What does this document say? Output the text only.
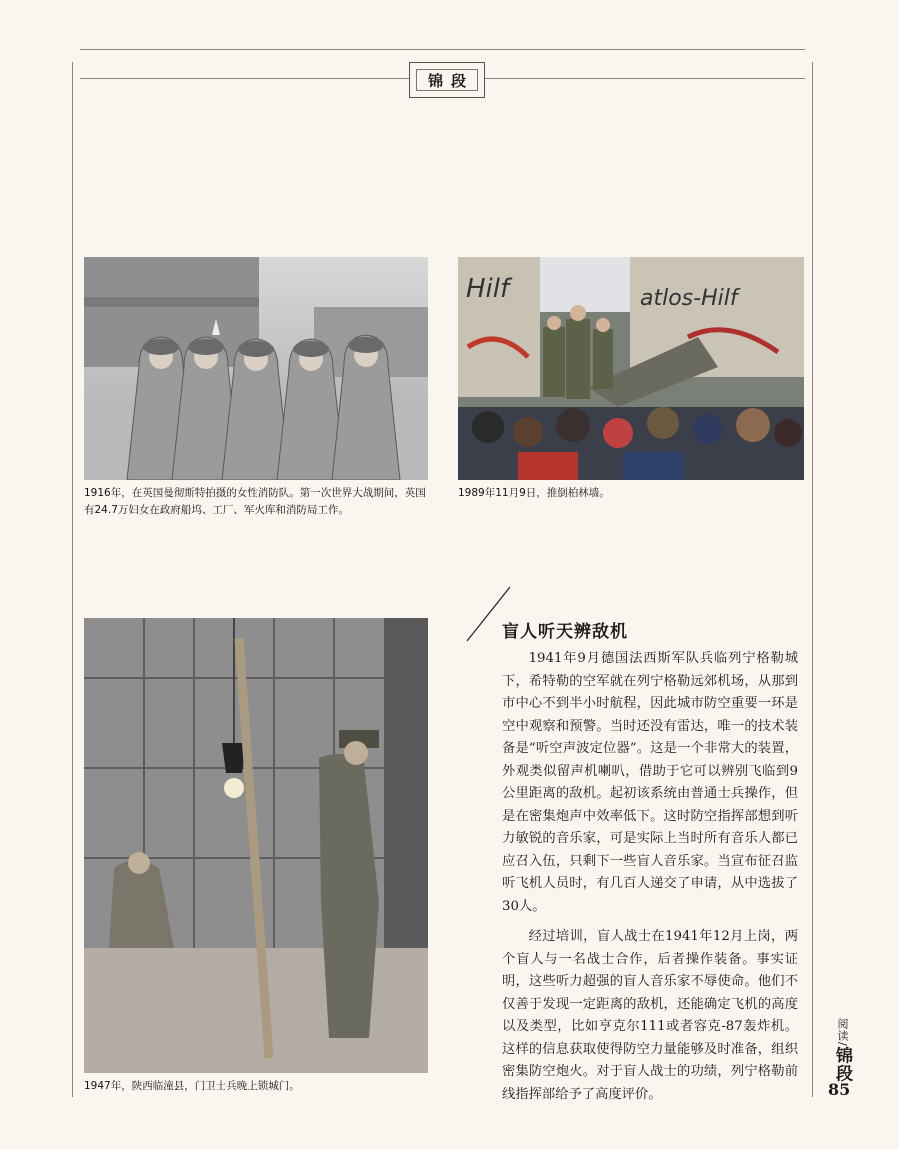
锦段
1916年，在英国曼彻斯特拍摄的女性消防队。第一次世界大战期间，英国有24.7万妇女在政府船坞、工厂、军火库和消防局工作。
Hilf	atlos-Hilf
1989年11月9日，推倒柏林墙。
1947年，陕西临潼县，门卫士兵晚上锁城门。
盲人听天辨敌机

1941年9月德国法西斯军队兵临列宁格勒城下，希特勒的空军就在列宁格勒远郊机场，从那到市中心不到半小时航程，因此城市防空重要一环是空中观察和预警。当时还没有雷达，唯一的技术装备是“听空声波定位器”。这是一个非常大的装置，外观类似留声机喇叭，借助于它可以辨别飞临到9公里距离的敌机。起初该系统由普通士兵操作，但是在密集炮声中效率低下。这时防空指挥部想到听力敏锐的音乐家，可是实际上当时所有音乐人都已应召入伍，只剩下一些盲人音乐家。当宣布征召监听飞机人员时，有几百人递交了申请，从中选拔了30人。

经过培训，盲人战士在1941年12月上岗，两个盲人与一名战士合作，后者操作装备。事实证明，这些听力超强的盲人音乐家不辱使命。他们不仅善于发现一定距离的敌机，还能确定飞机的高度以及类型，比如亨克尔111或者容克-87轰炸机。这样的信息获取使得防空力量能够及时准备，组织密集防空炮火。对于盲人战士的功绩，列宁格勒前线指挥部给予了高度评价。

阅读/锦段
85
